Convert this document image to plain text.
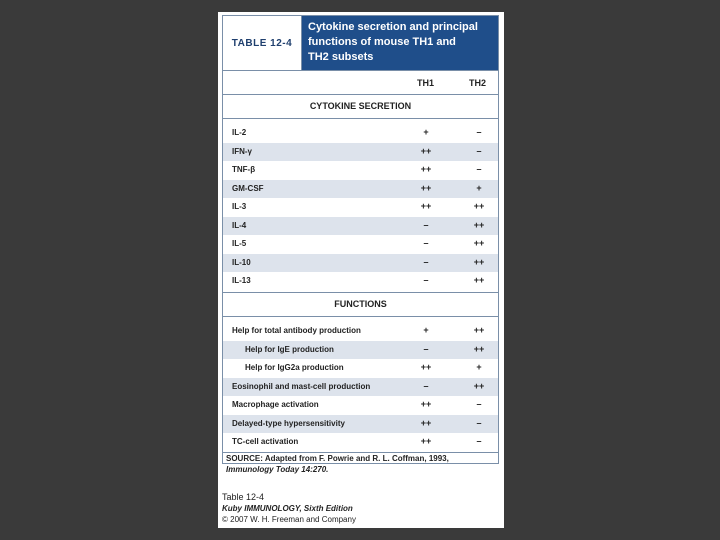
TABLE 12-4
Cytokine secretion and principal
functions of mouse TH1 and
TH2 subsets
TH1	TH2
CYTOKINE SECRETION
IL-2	+	–
IFN-γ	++	–
TNF-β	++	–
GM-CSF	++	+
IL-3	++	++
IL-4	–	++
IL-5	–	++
IL-10	–	++
IL-13	–	++
FUNCTIONS
Help for total antibody production	+	++
Help for IgE production	–	++
Help for IgG2a production	++	+
Eosinophil and mast-cell production	–	++
Macrophage activation	++	–
Delayed-type hypersensitivity	++	–
TC-cell activation	++	–
SOURCE: Adapted from F. Powrie and R. L. Coffman, 1993,
Immunology Today 14:270.
Table 12-4
Kuby IMMUNOLOGY, Sixth Edition
© 2007 W. H. Freeman and Company
